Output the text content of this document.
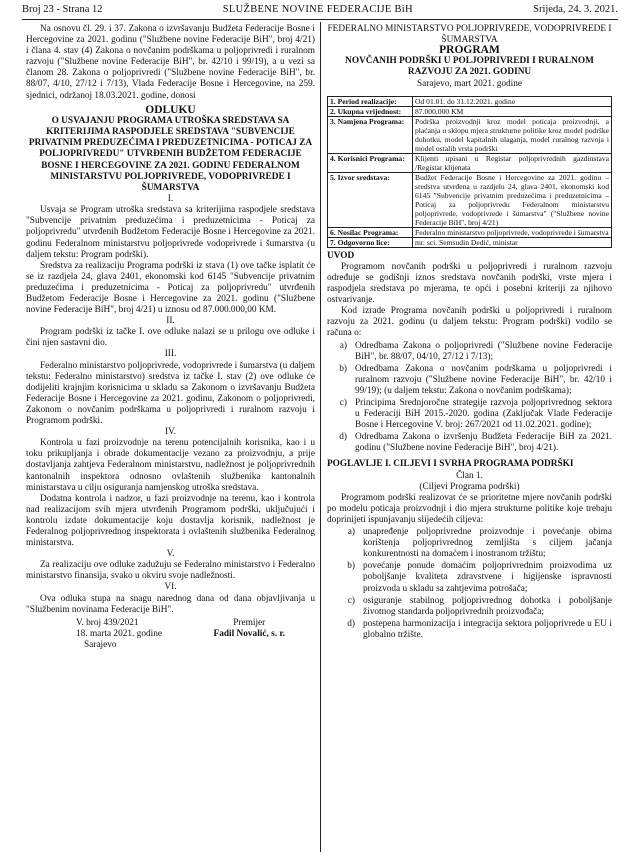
Broj 23 - Strana 12	SLUŽBENE NOVINE FEDERACIJE BiH	Srijeda, 24. 3. 2021.

Na osnovu čl. 29. i 37. Zakona o izvršavanju Budžeta Federacije Bosne i Hercegovine za 2021. godinu ("Službene novine Federacije BiH", broj 4/21) i člana 4. stav (4) Zakona o novčanim podrškama u poljoprivredi i ruralnom razvoju ("Službene novine Federacije BiH", br. 42/10 i 99/19), a u vezi sa članom 28. Zakona o poljoprivredi ("Službene novine Federacije BiH", br. 88/07, 4/10, 27/12 i 7/13), Vlada Federacije Bosne i Hercegovine, na 259. sjednici, održanoj 18.03.2021. godine, donosi

ODLUKU
O USVAJANJU PROGRAMA UTROŠKA SREDSTAVA SA KRITERIJIMA RASPODJELE SREDSTAVA "SUBVENCIJE PRIVATNIM PREDUZEĆIMA I PREDUZETNICIMA - POTICAJ ZA POLJOPRIVREDU" UTVRĐENIH BUDŽETOM FEDERACIJE BOSNE I HERCEGOVINE ZA 2021. GODINU FEDERALNOM MINISTARSTVU POLJOPRIVREDE, VODOPRIVREDE I ŠUMARSTVA
I.

Usvaja se Program utroška sredstava sa kriterijima raspodjele sredstava "Subvencije privatnim preduzećima i preduzetnicima - Poticaj za poljoprivredu" utvrđenih Budžetom Federacije Bosne i Hercegovine za 2021. godinu Federalnom ministarstvu poljoprivrede vodoprivrede i šumarstva (u daljem tekstu: Program podrški).

Sredstva za realizaciju Programa podrški iz stava (1) ove tačke isplatit će se iz razdjela 24, glava 2401, ekonomski kod 6145 "Subvencije privatnim preduzećima i preduzetnicima - Poticaj za poljoprivredu" utvrđenih Budžetom Federacije Bosne i Hercegovine za 2021. godinu ("Službene novine Federacije BiH", broj 4/21) u iznosu od 87.000.000,00 KM.

II.

Program podrški iz tačke I. ove odluke nalazi se u prilogu ove odluke i čini njen sastavni dio.

III.

Federalno ministarstvo poljoprivrede, vodoprivrede i šumarstva (u daljem tekstu: Federalno ministarstvo) sredstva iz tačke I. stav (2) ove odluke će dodijeliti krajnjim korisnicima u skladu sa Zakonom o izvršavanju Budžeta Federacije Bosne i Hercegovine za 2021. godinu, Zakonom o poljoprivredi, Zakonom o novčanim podrškama u poljoprivredi i ruralnom razvoju i Programom podrški.

IV.

Kontrola u fazi proizvodnje na terenu potencijalnih korisnika, kao i u toku prikupljanja i obrade dokumentacije vezano za proizvodnju, a prije dostavljanja zahtjeva Federalnom ministarstvu, nadležnost je poljoprivrednih kantonalnih inspektora odnosno ovlaštenih službenika kantonalnih ministarstava u cilju osiguranja namjenskog utroška sredstava.

Dodatna kontrola i nadzor, u fazi proizvodnje na terenu, kao i kontrola nad realizacijom svih mjera utvrđenih Programom podrški, uključujući i kontrolu izdate dokumentacije koju dostavlja korisnik, nadležnost je Federalnog poljoprivrednog inspektorata i ovlaštenih službenika Federalnog ministarstva.

V.

Za realizaciju ove odluke zadužuju se Federalno ministarstvo i Federalno ministarstvo finansija, svako u okviru svoje nadležnosti.

VI.

Ova odluka stupa na snagu narednog dana od dana objavljivanja u "Službenim novinama Federacije BiH".

V. broj 439/2021
18. marta 2021. godine
Sarajevo
Premijer
Fadil Novalić, s. r.
FEDERALNO MINISTARSTVO POLJOPRIVREDE, VODOPRIVREDE I ŠUMARSTVA
PROGRAM
NOVČANIH PODRŠKI U POLJOPRIVREDI I RURALNOM RAZVOJU ZA 2021. GODINU
Sarajevo, mart 2021. godine
1. Period realizacije:	Od 01.01. do 31.12.2021. godine
2. Ukupna vrijednost:	87.000.000 KM
3. Namjena Programa:	Podrška proizvodnji kroz model poticaja proizvodnji, a plaćanja u sklopu mjera strukturne politike kroz model podrške dohotku, model kapitalnih ulaganja, model ruralnog razvoja i model ostalih vrsta podrški
4. Korisnici Programa:	Klijenti upisani u Registar poljoprivrednih gazdinstava /Registar klijenata
5. Izvor sredstava:	Budžet Federacije Bosne i Hercegovine za 2021. godinu – sredstva utvrđena u razdjelu 24, glava 2401, ekonomski kod 6145 "Subvencije privatnim preduzećima i preduzetnicima – Poticaj za poljoprivredu Federalnom ministarstvu poljoprivrede, vodoprivrede i šumarstva" ("Službene novine Federacije BiH", broj 4/21)
6. Nosilac Programa:	Federalno ministarstvo poljoprivrede, vodoprivrede i šumarstva
7. Odgovorno lice:	mr. sci. Semsudin Dedić, ministar
UVOD

Programom novčanih podrški u poljoprivredi i ruralnom razvoju određuje se godišnji iznos sredstava novčanih podrški, vrste mjera i raspodjela sredstava po mjerama, te opći i posebni kriteriji za njihovo ostvarivanje.

Kod izrade Programa novčanih podrški u poljoprivredi i ruralnom razvoju za 2021. godinu (u daljem tekstu: Program podrški) vodilo se računa o:

a) Odredbama Zakona o poljoprivredi ("Službene novine Federacije BiH", br. 88/07, 04/10, 27/12 i 7/13);
b) Odredbama Zakona o novčanim podrškama u poljoprivredi i ruralnom razvoju ("Službene novine Federacije BiH", br. 42/10 i 99/19); (u daljem tekstu: Zakona o novčanim podrškama);
c) Principima Srednjoročne strategije razvoja poljoprivrednog sektora u Federaciji BiH 2015.-2020. godina (Zaključak Vlade Federacije Bosne i Hercegovine V. broj: 267/2021 od 11.02.2021. godine);
d) Odredbama Zakona o izvršenju Budžeta Federacije BiH za 2021. godinu ("Službene novine Federacije BiH", broj 4/21).
POGLAVLJE I. CILJEVI I SVRHA PROGRAMA PODRŠKI
Član 1.
(Ciljevi Programa podrški)

Programom podrški realizovat će se prioritetne mjere novčanih podrški po modelu poticaja proizvodnji i dio mjera strukturne politike koje trebaju doprinijeti ispunjavanju slijedećih ciljeva:

a) unapređenje poljoprivredne proizvodnje i povećanje obima korištenja poljoprivrednog zemljišta s ciljem jačanja konkurentnosti na domaćem i inostranom tržištu;
b) povećanje ponude domaćim poljoprivrednim proizvodima uz poboljšanje kvaliteta zdravstvene i higijenske ispravnosti proizvoda u skladu sa zahtjevima potrošača;
c) osiguranje stabilnog poljoprivrednog dohotka i poboljšanje životnog standarda poljoprivrednih proizvođača;
d) postepena harmonizacija i integracija sektora poljoprivrede u EU i globalno tržište.
